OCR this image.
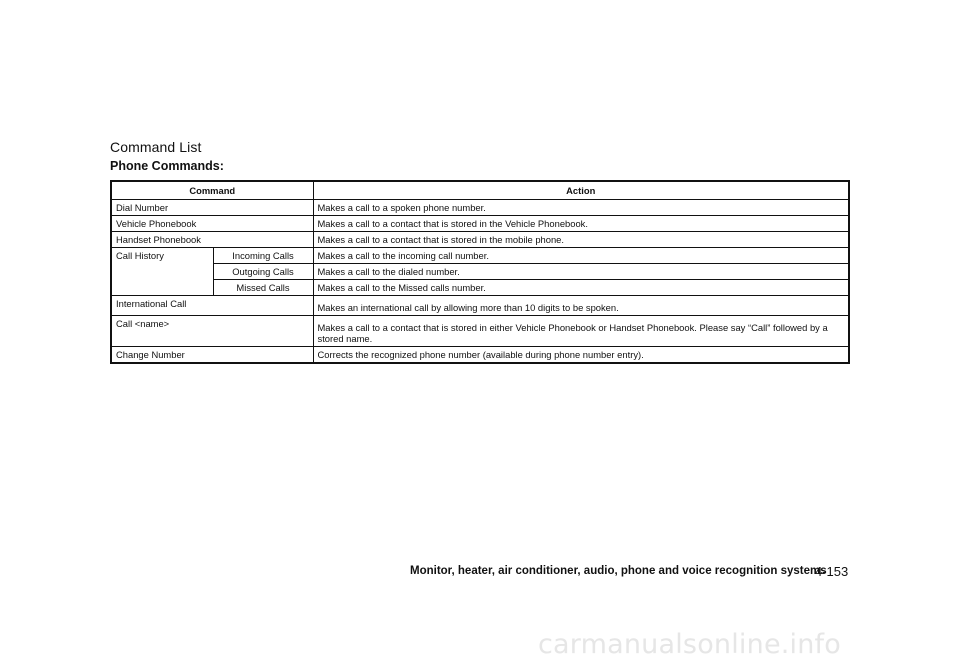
Command List
Phone Commands:
Command		Action
Dial Number		Makes a call to a spoken phone number.
Vehicle Phonebook		Makes a call to a contact that is stored in the Vehicle Phonebook.
Handset Phonebook		Makes a call to a contact that is stored in the mobile phone.
Call History	Incoming Calls	Makes a call to the incoming call number.
	Outgoing Calls	Makes a call to the dialed number.
	Missed Calls	Makes a call to the Missed calls number.
International Call		Makes an international call by allowing more than 10 digits to be spoken.
Call <name>		Makes a call to a contact that is stored in either Vehicle Phonebook or Handset Phonebook. Please say “Call” followed by a stored name.
Change Number		Corrects the recognized phone number (available during phone number entry).
Monitor, heater, air conditioner, audio, phone and voice recognition systems
4-153
carmanualsonline.info
